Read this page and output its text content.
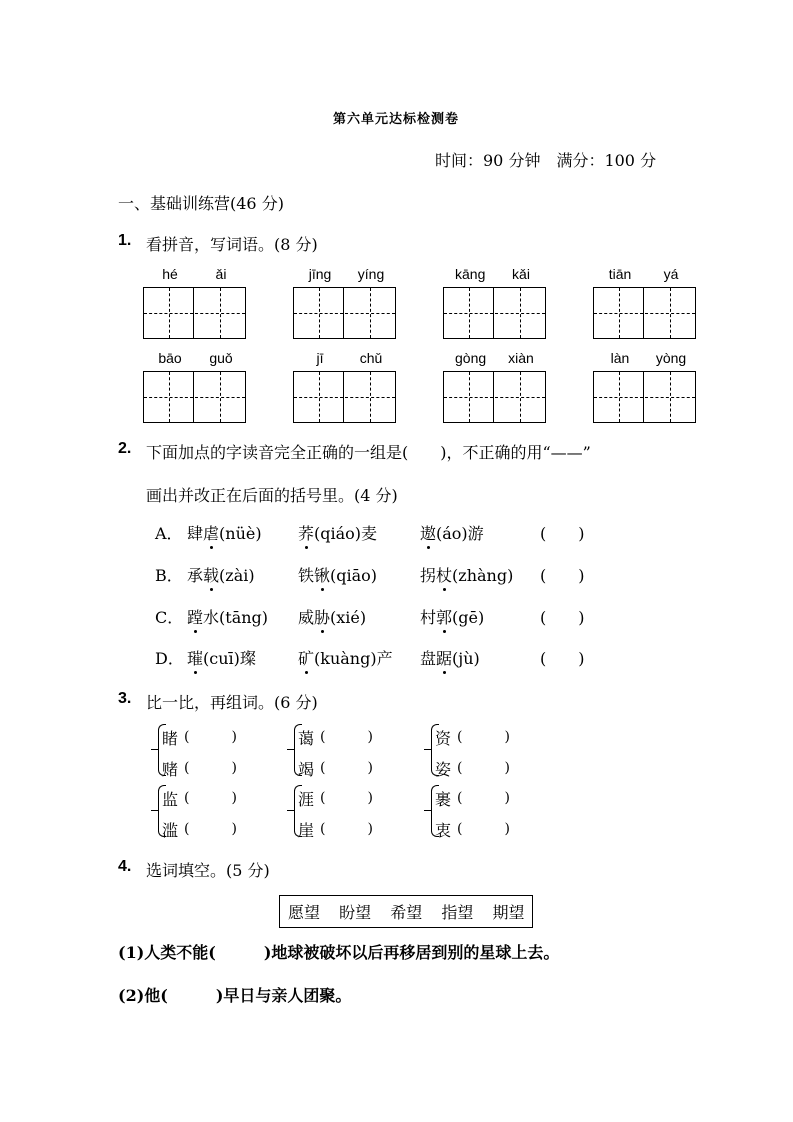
第六单元达标检测卷
时间：90 分钟　满分：100 分
一、基础训练营(46 分)
1. 看拼音，写词语。(8 分)
hé	ǎi	jīng	yíng	kāng	kǎi	tiān	yá
bāo	guǒ	jī	chǔ	gòng	xiàn	làn	yòng
2. 下面加点的字读音完全正确的一组是(　　)，不正确的用“——”
画出并改正在后面的括号里。(4 分)
A． 肆虐(nüè) 荞(qiáo)麦	遨(áo)游	(　　)
B． 承载(zài)	铁锹(qiāo)	拐杖(zhàng) (　　)
C． 蹚水(tāng) 威胁(xié)	村郭(gē)	(　　)
D． 璀(cuī)璨	矿(kuàng)产 盘踞(jù)	(　　)
3. 比一比，再组词。(6 分)
睹 (　　　)
赌 (　　　)
蔼 (　　　)
竭 (　　　)
资 (　　　)
姿 (　　　)
监 (　　　)
滥 (　　　)
涯 (　　　)
崖 (　　　)
裹 (　　　)
衷 (　　　)
4. 选词填空。(5 分)
愿望 盼望 希望 指望 期望
(1)人类不能(　　　)地球被破坏以后再移居到别的星球上去。
(2)他(　　　)早日与亲人团聚。
